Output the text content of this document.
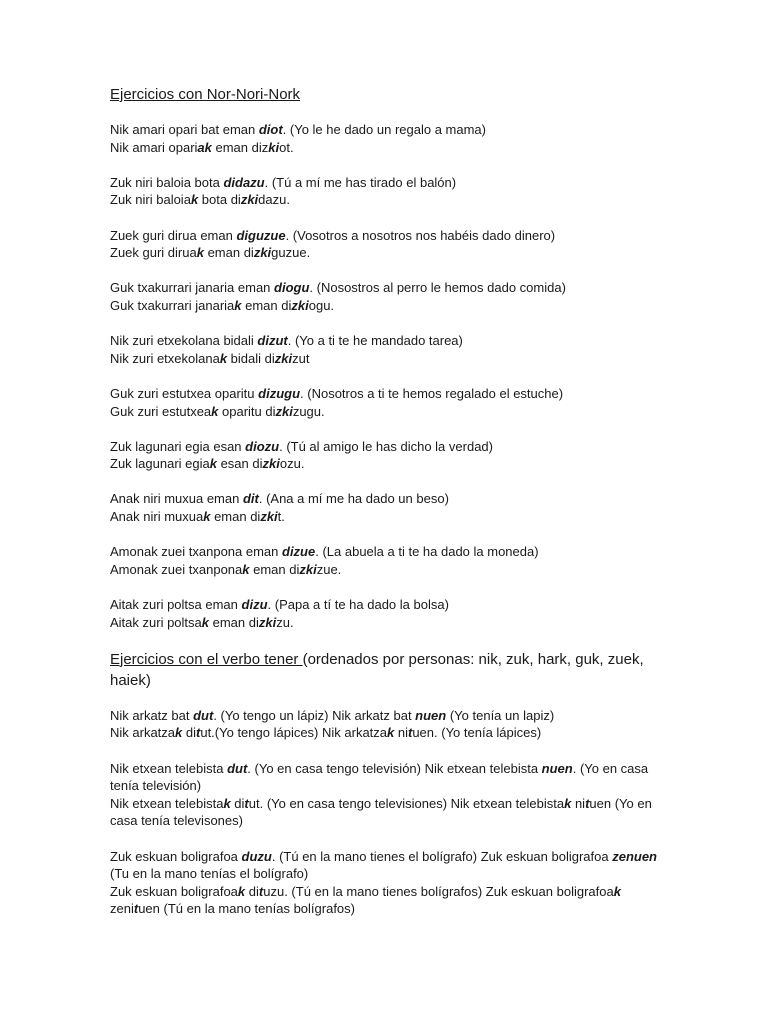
Ejercicios con Nor-Nori-Nork
Nik amari opari bat eman diot. (Yo le he dado un regalo a mama)
Nik amari opariak eman dizkiot.
Zuk niri baloia bota didazu. (Tú a mí me has tirado el balón)
Zuk niri baloiak bota dizkidazu.
Zuek guri dirua eman diguzue. (Vosotros a nosotros nos habéis dado dinero)
Zuek guri diruak eman dizkiguzue.
Guk txakurrari janaria eman diogu. (Nosostros al perro le hemos dado comida)
Guk txakurrari janariak eman dizkiogu.
Nik zuri etxekolana bidali dizut. (Yo a ti te he mandado tarea)
Nik zuri etxekolanak bidali dizkizut
Guk zuri estutxea oparitu dizugu. (Nosotros a ti te hemos regalado el estuche)
Guk zuri estutxeak oparitu dizkizugu.
Zuk lagunari egia esan diozu. (Tú al amigo le has dicho la verdad)
Zuk lagunari egiak esan dizkiozu.
Anak niri muxua eman dit. (Ana a mí me ha dado un beso)
Anak niri muxuak eman dizkit.
Amonak zuei txanpona eman dizue. (La abuela a ti te ha dado la moneda)
Amonak zuei txanponak eman dizkizue.
Aitak zuri poltsa eman dizu. (Papa a tí te ha dado la bolsa)
Aitak zuri poltsak eman dizkizu.
Ejercicios con el verbo tener (ordenados por personas: nik, zuk, hark, guk, zuek, haiek)
Nik arkatz bat dut. (Yo tengo un lápiz) Nik arkatz bat nuen (Yo tenía un lapiz)
Nik arkatzak ditut.(Yo tengo lápices) Nik arkatzak nituen. (Yo tenía lápices)
Nik etxean telebista dut. (Yo en casa tengo televisión) Nik etxean telebista nuen. (Yo en casa tenía televisión)
Nik etxean telebistak ditut. (Yo en casa tengo televisiones) Nik etxean telebistak nituen (Yo en casa tenía televisones)
Zuk eskuan boligrafoa duzu. (Tú en la mano tienes el bolígrafo) Zuk eskuan boligrafoa zenuen (Tu en la mano tenías el bolígrafo)
Zuk eskuan boligrafoak dituzu. (Tú en la mano tienes bolígrafos) Zuk eskuan boligrafoak zenituen (Tú en la mano tenías bolígrafos)
